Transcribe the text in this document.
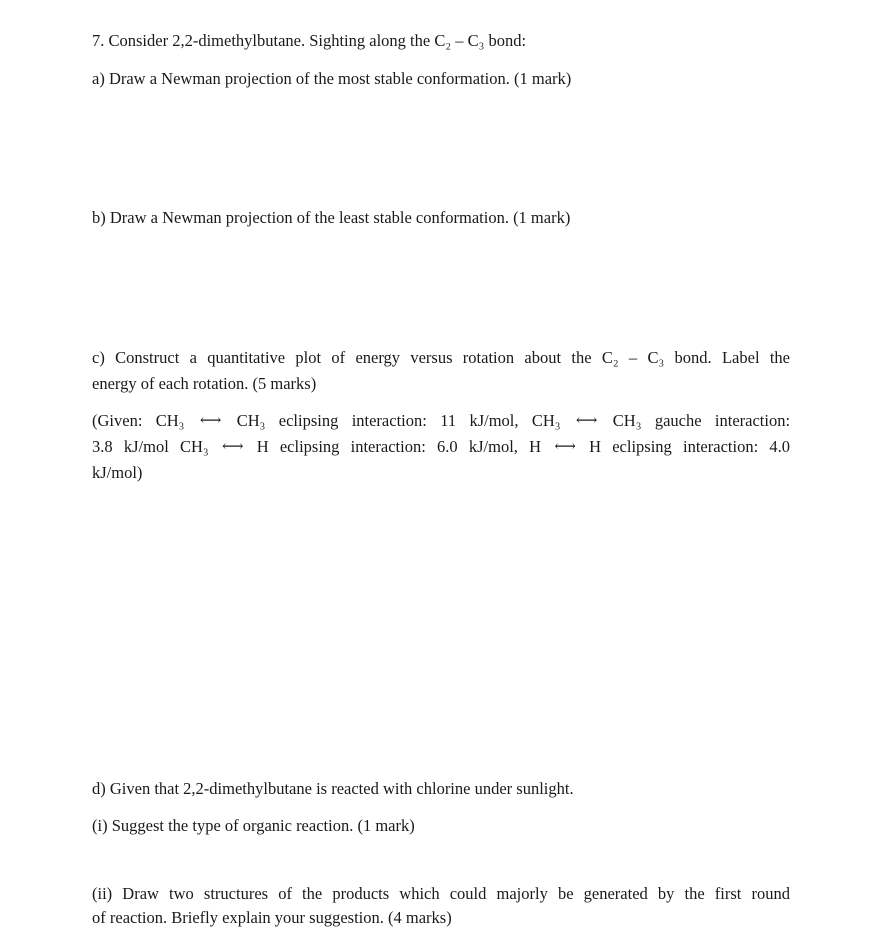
7. Consider 2,2-dimethylbutane. Sighting along the C₂ – C₃ bond:
a) Draw a Newman projection of the most stable conformation. (1 mark)
b) Draw a Newman projection of the least stable conformation. (1 mark)
c) Construct a quantitative plot of energy versus rotation about the C₂ – C₃ bond. Label the
energy of each rotation. (5 marks)
(Given: CH₃ ⟷ CH₃ eclipsing interaction: 11 kJ/mol, CH₃ ⟷ CH₃ gauche interaction:
3.8 kJ/mol CH₃ ⟷ H eclipsing interaction: 6.0 kJ/mol, H ⟷ H eclipsing interaction: 4.0
kJ/mol)
d) Given that 2,2-dimethylbutane is reacted with chlorine under sunlight.
(i) Suggest the type of organic reaction. (1 mark)
(ii) Draw two structures of the products which could majorly be generated by the first round
of reaction. Briefly explain your suggestion. (4 marks)
